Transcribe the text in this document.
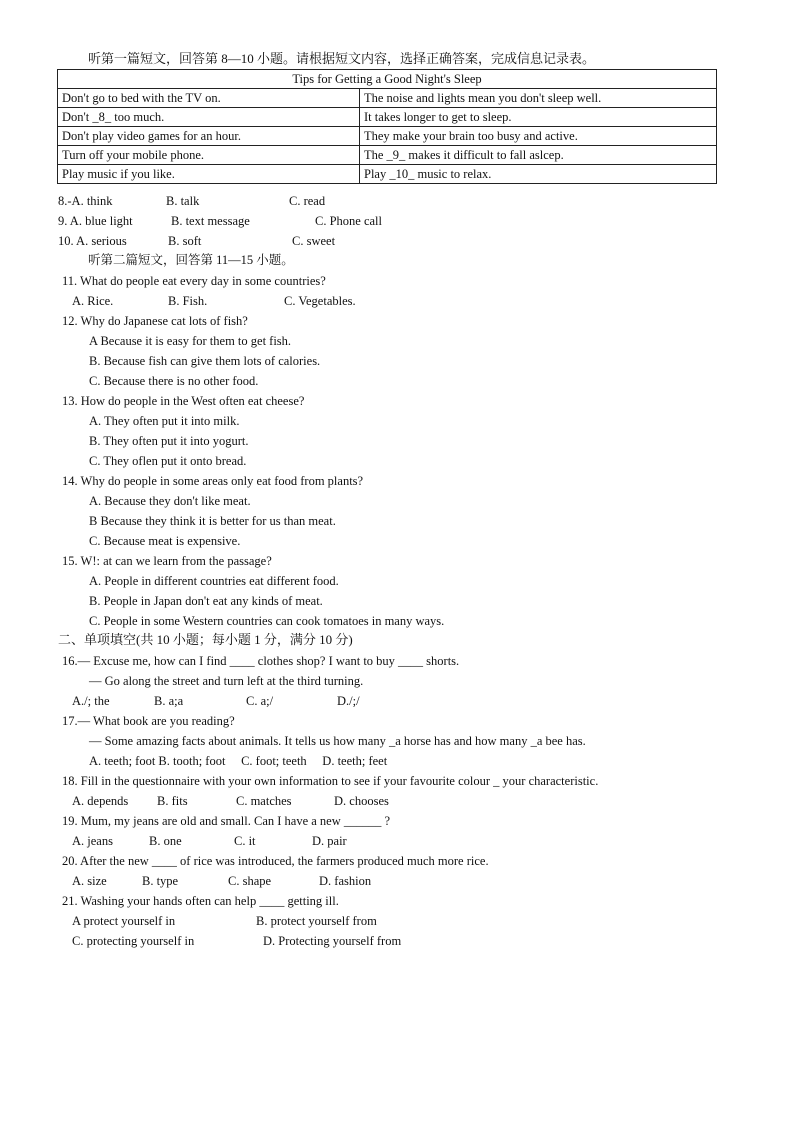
听第一篇短文，回答第 8—10 小题。请根据短文内容，选择正确答案，完成信息记录表。
Tips for Getting a Good Night's Sleep	
Don't go to bed with the TV on.	The noise and lights mean you don't sleep well.
Don't _8_ too much.	It takes longer to get to sleep.
Don't play video games for an hour.	They make your brain too busy and active.
Turn off your mobile phone.	The _9_ makes it difficult to fall aslcep.
Play music if you like.	Play _10_ music to relax.
8.-A. think	B. talk	C. read
9. A. blue light	B. text message	C. Phone call
10. A. serious	B. soft	C. sweet
听第二篇短文，回答第 11—15 小题。
11. What do people eat every day in some countries?
A. Rice.	B. Fish.	C. Vegetables.
12. Why do Japanese cat lots of fish?
A Because it is easy for them to get fish.
B. Because fish can give them lots of calories.
C. Because there is no other food.
13. How do people in the West often eat cheese?
A. They often put it into milk.
B. They often put it into yogurt.
C. They oflen put it onto bread.
14. Why do people in some areas only eat food from plants?
A. Because they don't like meat.
B Because they think it is better for us than meat.
C. Because meat is expensive.
15. W!: at can we learn from the passage?
A. People in different countries eat different food.
B. People in Japan don't eat any kinds of meat.
C. People in some Western countries can cook tomatoes in many ways.
二、单项填空(共 10 小题；每小题 1 分，满分 10 分)
16.— Excuse me, how can I find ____ clothes shop? I want to buy ____ shorts.
— Go along the street and turn left at the third turning.
A./; the	B. a;a	C. a;/	D./;/
17.— What book are you reading?
— Some amazing facts about animals. It tells us how many _a horse has and how many _a bee has.
A. teeth; foot B. tooth; foot     C. foot; teeth     D. teeth; feet
18. Fill in the questionnaire with your own information to see if your favourite colour _ your characteristic.
A. depends B. fits	C. matches	D. chooses
19. Mum, my jeans are old and small. Can I have a new ______ ?
A. jeans	B. one	C. it	D. pair
20. After the new ____ of rice was introduced, the farmers produced much more rice.
A. size	B. type	C. shape	D. fashion
21. Washing your hands often can help ____ getting ill.
A protect yourself in	B. protect yourself from
C. protecting yourself in	D. Protecting yourself from
